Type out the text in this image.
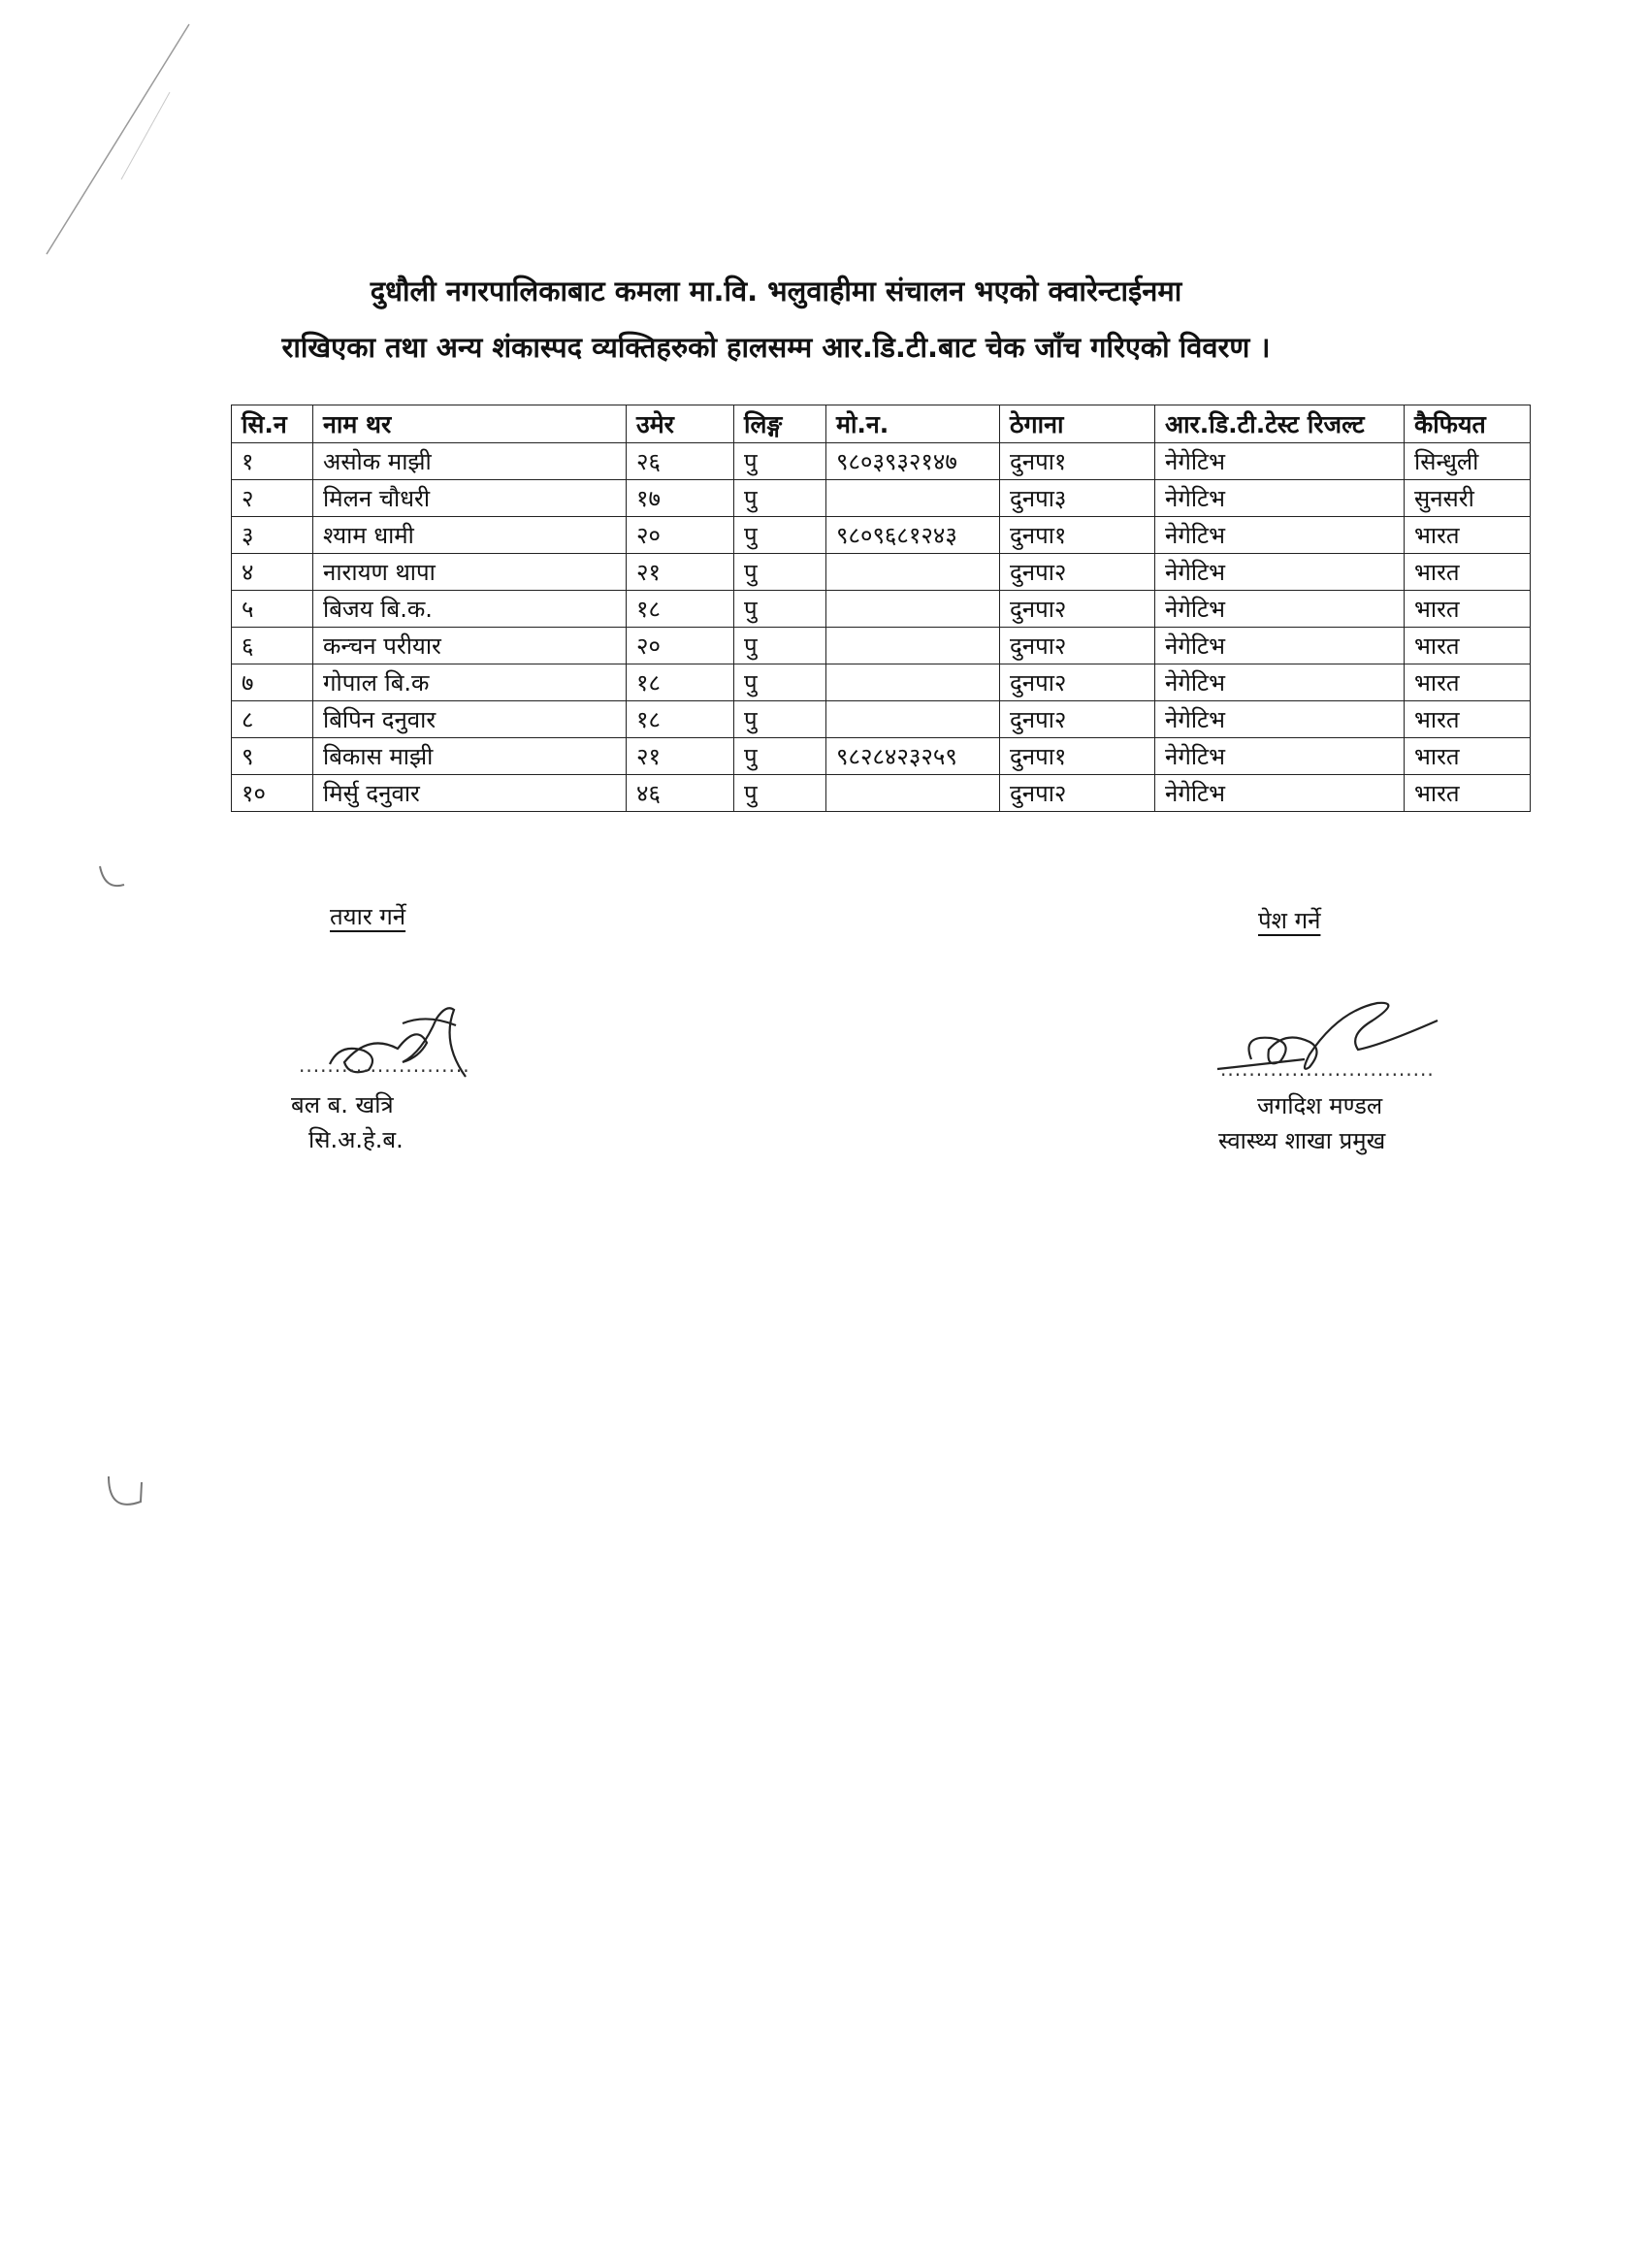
दुधौली नगरपालिकाबाट कमला मा.वि. भलुवाहीमा संचालन भएको क्वारेन्टाईनमा
राखिएका तथा अन्य शंकास्पद व्यक्तिहरुको हालसम्म आर.डि.टी.बाट चेक जाँच गरिएको विवरण ।
सि.न	नाम थर	उमेर	लिङ्ग	मो.न.	ठेगाना	आर.डि.टी.टेस्ट रिजल्ट	कैफियत
१	असोक माझी	२६	पु	९८०३९३२१४७	दुनपा१	नेगेटिभ	सिन्धुली
२	मिलन चौधरी	१७	पु		दुनपा३	नेगेटिभ	सुनसरी
३	श्याम धामी	२०	पु	९८०९६८१२४३	दुनपा१	नेगेटिभ	भारत
४	नारायण थापा	२१	पु		दुनपा२	नेगेटिभ	भारत
५	बिजय बि.क.	१८	पु		दुनपा२	नेगेटिभ	भारत
६	कन्चन परीयार	२०	पु		दुनपा२	नेगेटिभ	भारत
७	गोपाल बि.क	१८	पु		दुनपा२	नेगेटिभ	भारत
८	बिपिन दनुवार	१८	पु		दुनपा२	नेगेटिभ	भारत
९	बिकास माझी	२१	पु	९८२८४२३२५९	दुनपा१	नेगेटिभ	भारत
१०	मिर्सु दनुवार	४६	पु		दुनपा२	नेगेटिभ	भारत
तयार गर्ने
........................
बल ब. खत्रि
सि.अ.हे.ब.
पेश गर्ने
..............................
जगदिश मण्डल
स्वास्थ्य शाखा प्रमुख
